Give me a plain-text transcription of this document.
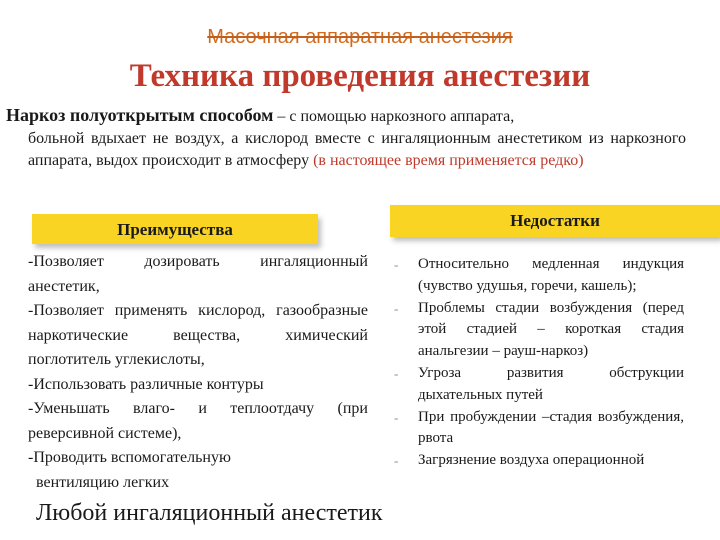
Масочная аппаратная анестезия
Техника проведения анестезии
Наркоз полуоткрытым способом – с помощью наркозного аппарата,
больной вдыхает не воздух, а кислород вместе с ингаляционным анестетиком из наркозного аппарата, выдох происходит в атмосферу (в настоящее время применяется редко)
Преимущества	Недостатки
-Позволяет дозировать ингаляционный анестетик,
-Позволяет применять кислород, газообразные наркотические вещества, химический поглотитель углекислоты,
-Использовать различные контуры
-Уменьшать влаго- и теплоотдачу (при реверсивной системе),
-Проводить вспомогательную
вентиляцию легких
- Относительно медленная индукция (чувство удушья, горечи, кашель);
- Проблемы стадии возбуждения (перед этой стадией – короткая стадия анальгезии – рауш-наркоз)
- Угроза развития обструкции дыхательных путей
- При пробуждении –стадия возбуждения, рвота
- Загрязнение воздуха операционной
Любой ингаляционный анестетик
